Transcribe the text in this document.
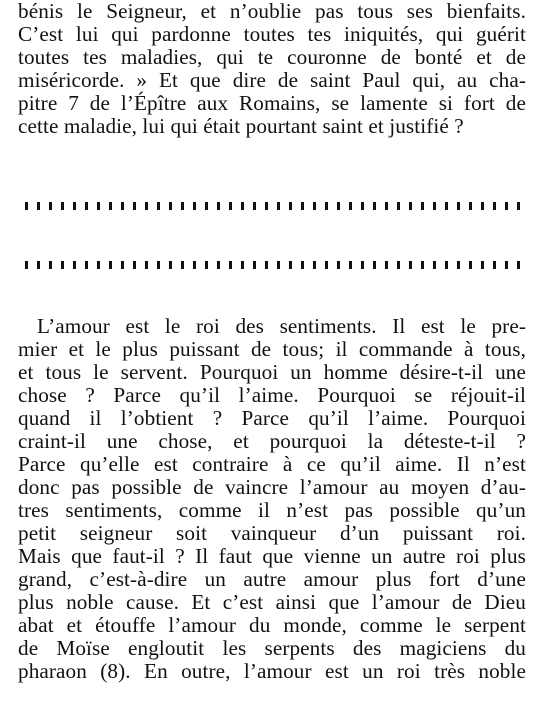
bénis le Seigneur, et n’oublie pas tous ses bienfaits.
C’est lui qui pardonne toutes tes iniquités, qui guérit
toutes tes maladies, qui te couronne de bonté et de
miséricorde. » Et que dire de saint Paul qui, au cha-
pitre 7 de l’Épître aux Romains, se lamente si fort de
cette maladie, lui qui était pourtant saint et justifié ?
L’amour est le roi des sentiments. Il est le pre-
mier et le plus puissant de tous; il commande à tous,
et tous le servent. Pourquoi un homme désire-t-il une
chose ? Parce qu’il l’aime. Pourquoi se réjouit-il
quand il l’obtient ? Parce qu’il l’aime. Pourquoi
craint-il une chose, et pourquoi la déteste-t-il ?
Parce qu’elle est contraire à ce qu’il aime. Il n’est
donc pas possible de vaincre l’amour au moyen d’au-
tres sentiments, comme il n’est pas possible qu’un
petit seigneur soit vainqueur d’un puissant roi.
Mais que faut-il ? Il faut que vienne un autre roi plus
grand, c’est-à-dire un autre amour plus fort d’une
plus noble cause. Et c’est ainsi que l’amour de Dieu
abat et étouffe l’amour du monde, comme le serpent
de Moïse engloutit les serpents des magiciens du
pharaon (8). En outre, l’amour est un roi très noble
